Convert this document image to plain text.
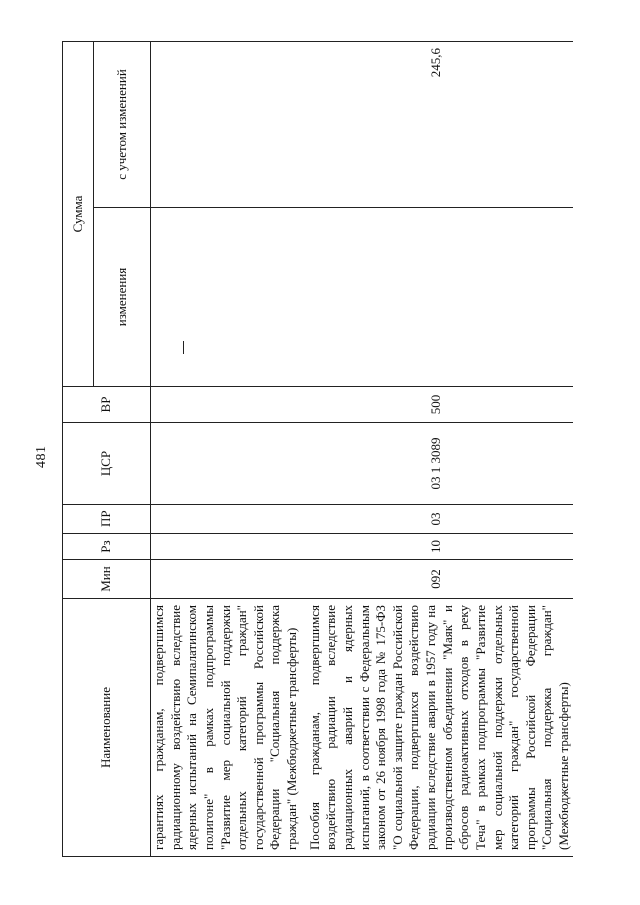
481
Наименование	Мин	Рз	ПР	ЦСР	ВР	Сумма	
						изменения	с учетом изменений

гарантиях гражданам, подвергшимся радиационному воздействию вследствие ядерных испытаний на Семипалатинском полигоне" в рамках подпрограммы "Развитие мер социальной поддержки отдельных категорий граждан" государственной программы Российской Федерации "Социальная поддержка граждан" (Межбюджетные трансферты)							

Пособия гражданам, подвергшимся воздействию радиации вследствие радиационных аварий и ядерных испытаний, в соответствии с Федеральным законом от 26 ноября 1998 года № 175-ФЗ "О социальной защите граждан Российской Федерации, подвергшихся воздействию радиации вследствие аварии в 1957 году на производственном объединении "Маяк" и сбросов радиоактивных отходов в реку Теча" в рамках подпрограммы "Развитие мер социальной поддержки отдельных категорий граждан" государственной программы Российской Федерации "Социальная поддержка граждан" (Межбюджетные трансферты)	092	10	03	03 1 3089	500		245,6
